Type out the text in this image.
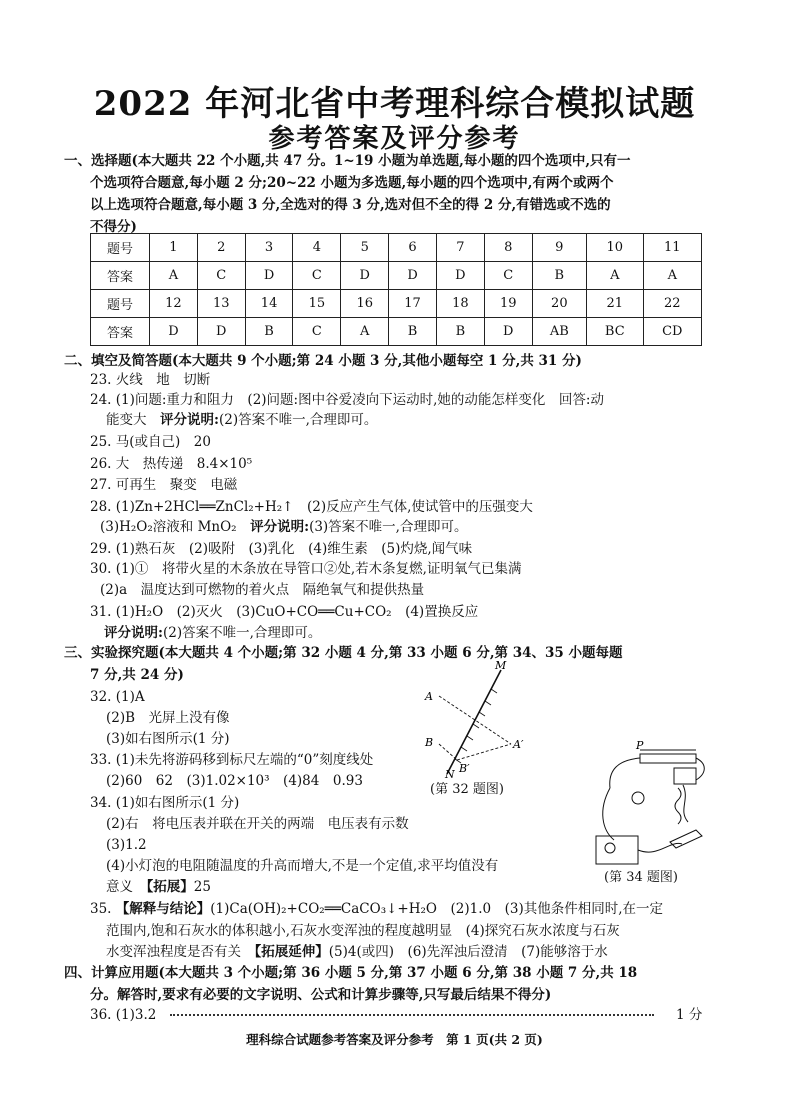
2022 年河北省中考理科综合模拟试题
参考答案及评分参考
一、选择题(本大题共 22 个小题,共 47 分。1~19 小题为单选题,每小题的四个选项中,只有一
个选项符合题意,每小题 2 分;20~22 小题为多选题,每小题的四个选项中,有两个或两个
以上选项符合题意,每小题 3 分,全选对的得 3 分,选对但不全的得 2 分,有错选或不选的
不得分)
题号	1	2	3	4	5	6	7	8	9	10	11
答案	A	C	D	C	D	D	D	C	B	A	A
题号	12	13	14	15	16	17	18	19	20	21	22
答案	D	D	B	C	A	B	B	D	AB	BC	CD
二、填空及简答题(本大题共 9 个小题;第 24 小题 3 分,其他小题每空 1 分,共 31 分)
23. 火线　地　切断
24. (1)问题:重力和阻力　(2)问题:图中谷爱凌向下运动时,她的动能怎样变化　回答:动
能变大　评分说明:(2)答案不唯一,合理即可。
25. 马(或自己)　20
26. 大　热传递　8.4×10⁵
27. 可再生　聚变　电磁
28. (1)Zn+2HCl══ZnCl₂+H₂↑　(2)反应产生气体,使试管中的压强变大
(3)H₂O₂溶液和 MnO₂　评分说明:(3)答案不唯一,合理即可。
29. (1)熟石灰　(2)吸附　(3)乳化　(4)维生素　(5)灼烧,闻气味
30. (1)①　将带火星的木条放在导管口②处,若木条复燃,证明氧气已集满
(2)a　温度达到可燃物的着火点　隔绝氧气和提供热量
31. (1)H₂O　(2)灭火　(3)CuO+CO══Cu+CO₂　(4)置换反应
评分说明:(2)答案不唯一,合理即可。
三、实验探究题(本大题共 4 个小题;第 32 小题 4 分,第 33 小题 6 分,第 34、35 小题每题
7 分,共 24 分)
32. (1)A
(2)B　光屏上没有像
(3)如右图所示(1 分)
33. (1)未先将游码移到标尺左端的“0”刻度线处
(2)60　62　(3)1.02×10³　(4)84　0.93
34. (1)如右图所示(1 分)
(2)右　将电压表并联在开关的两端　电压表有示数
(3)1.2
(4)小灯泡的电阻随温度的升高而增大,不是一个定值,求平均值没有
意义　【拓展】25
35. 【解释与结论】(1)Ca(OH)₂+CO₂══CaCO₃↓+H₂O　(2)1.0　(3)其他条件相同时,在一定
范围内,饱和石灰水的体积越小,石灰水变浑浊的程度越明显　(4)探究石灰水浓度与石灰
水变浑浊程度是否有关　【拓展延伸】(5)4(或四)　(6)先浑浊后澄清　(7)能够溶于水
M
A
B
N
A′
B′
(第 32 题图)
P
(第 34 题图)
四、计算应用题(本大题共 3 个小题;第 36 小题 5 分,第 37 小题 6 分,第 38 小题 7 分,共 18
分。解答时,要求有必要的文字说明、公式和计算步骤等,只写最后结果不得分)
36. (1)3.2	1 分
理科综合试题参考答案及评分参考　第 1 页(共 2 页)
